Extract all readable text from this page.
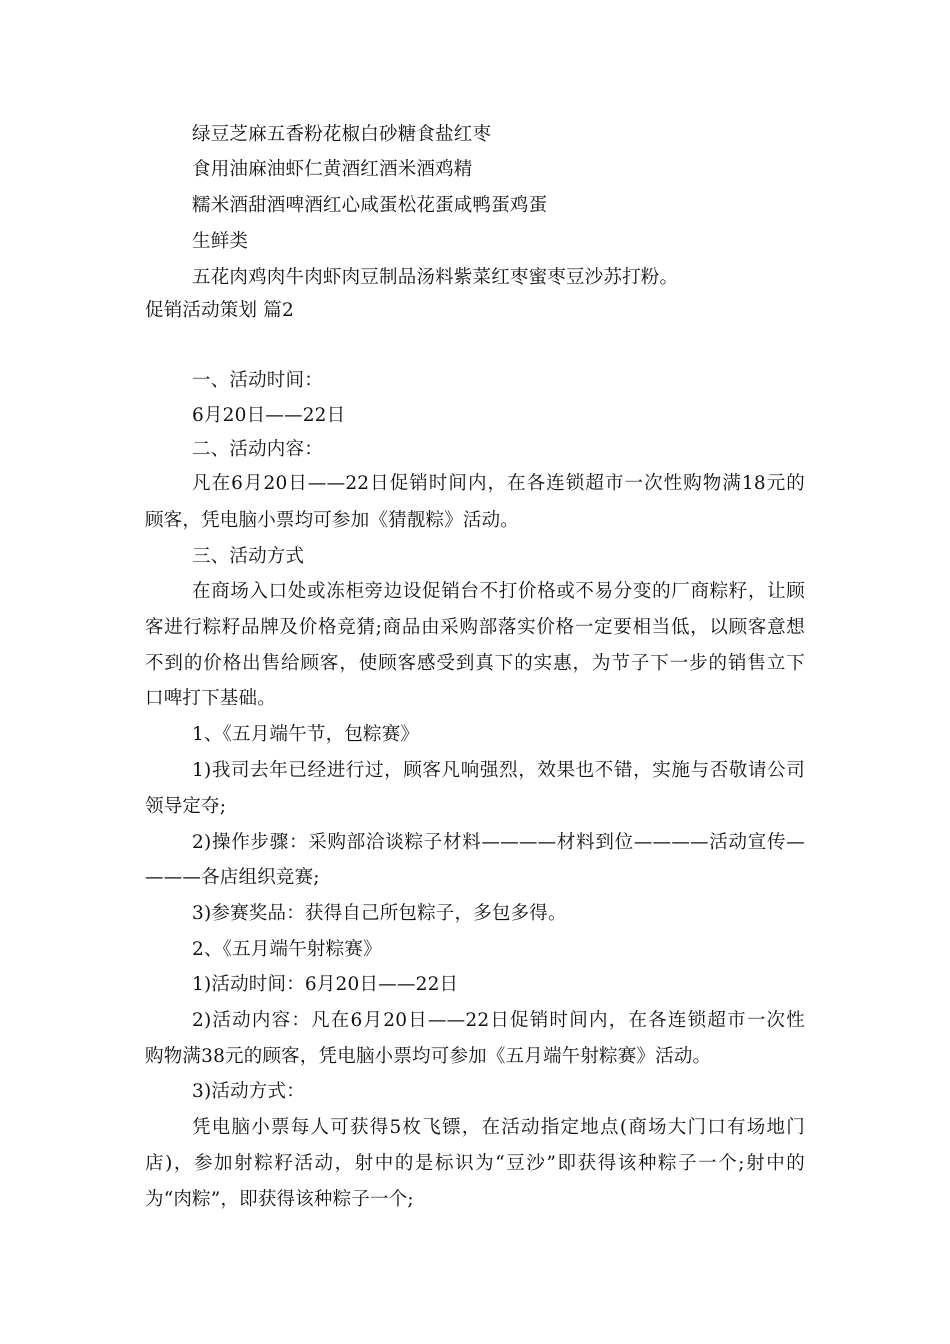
绿豆芝麻五香粉花椒白砂糖食盐红枣
食用油麻油虾仁黄酒红酒米酒鸡精
糯米酒甜酒啤酒红心咸蛋松花蛋咸鸭蛋鸡蛋
生鲜类
五花肉鸡肉牛肉虾肉豆制品汤料紫菜红枣蜜枣豆沙苏打粉。
促销活动策划 篇2
一、活动时间：
6月20日——22日
二、活动内容：
凡在6月20日——22日促销时间内，在各连锁超市一次性购物满18元的
顾客，凭电脑小票均可参加《猜靓粽》活动。
三、活动方式
在商场入口处或冻柜旁边设促销台不打价格或不易分变的厂商粽籽，让顾
客进行粽籽品牌及价格竞猜;商品由采购部落实价格一定要相当低，以顾客意想
不到的价格出售给顾客，使顾客感受到真下的实惠，为节子下一步的销售立下
口啤打下基础。
1、《五月端午节，包粽赛》
1)我司去年已经进行过，顾客凡响强烈，效果也不错，实施与否敬请公司
领导定夺;
2)操作步骤：采购部洽谈粽子材料————材料到位————活动宣传—
———各店组织竞赛;
3)参赛奖品：获得自己所包粽子，多包多得。
2、《五月端午射粽赛》
1)活动时间：6月20日——22日
2)活动内容：凡在6月20日——22日促销时间内，在各连锁超市一次性
购物满38元的顾客，凭电脑小票均可参加《五月端午射粽赛》活动。
3)活动方式：
凭电脑小票每人可获得5枚飞镖，在活动指定地点(商场大门口有场地门
店)，参加射粽籽活动，射中的是标识为“豆沙”即获得该种粽子一个;射中的
为“肉粽”，即获得该种粽子一个;
